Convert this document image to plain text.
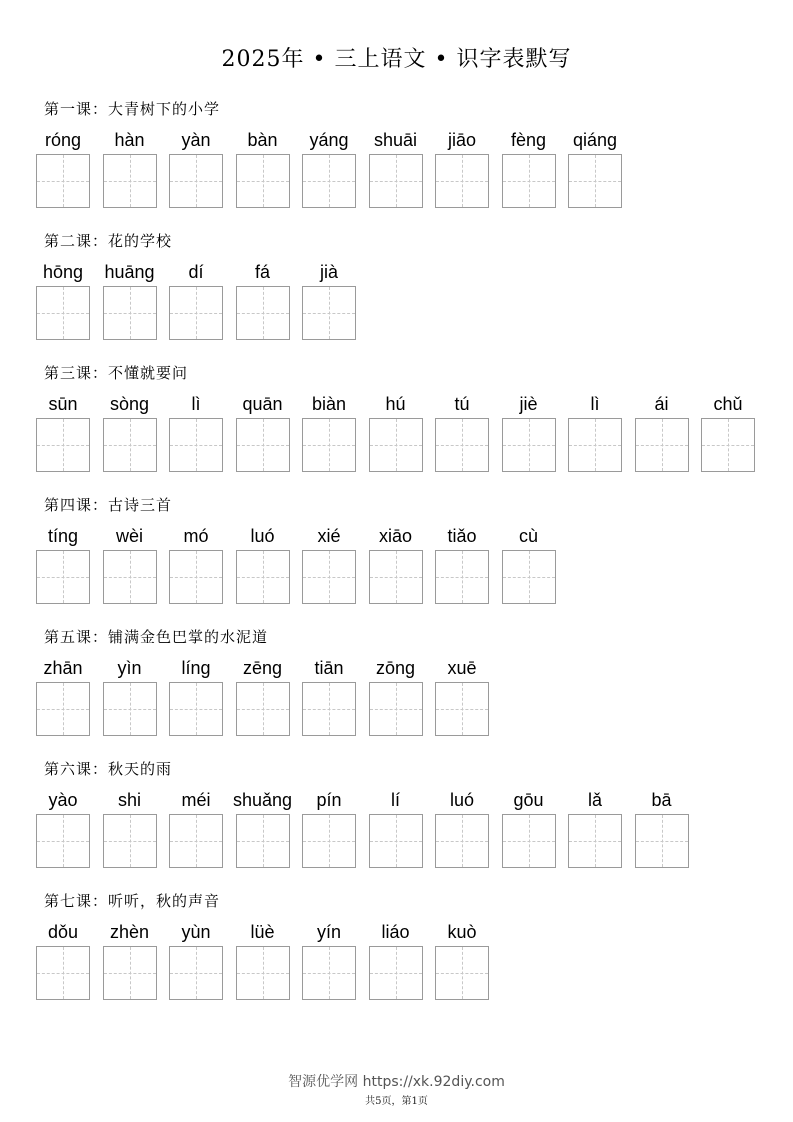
2025年 • 三上语文 • 识字表默写
第一课：大青树下的小学
róng	hàn	yàn	bàn	yáng	shuāi	jiāo	fèng	qiáng
第二课：花的学校
hōng	huāng	dí	fá	jià
第三课：不懂就要问
sūn	sòng	lì	quān	biàn	hú	tú	jiè	lì	ái	chǔ
第四课：古诗三首
tíng	wèi	mó	luó	xié	xiāo	tiǎo	cù
第五课：铺满金色巴掌的水泥道
zhān	yìn	líng	zēng	tiān	zōng	xuē
第六课：秋天的雨
yào	shi	méi	shuǎng	pín	lí	luó	gōu	lǎ	bā
第七课：听听，秋的声音
dǒu	zhèn	yùn	lüè	yín	liáo	kuò
智源优学网 https://xk.92diy.com
共5页，第1页
